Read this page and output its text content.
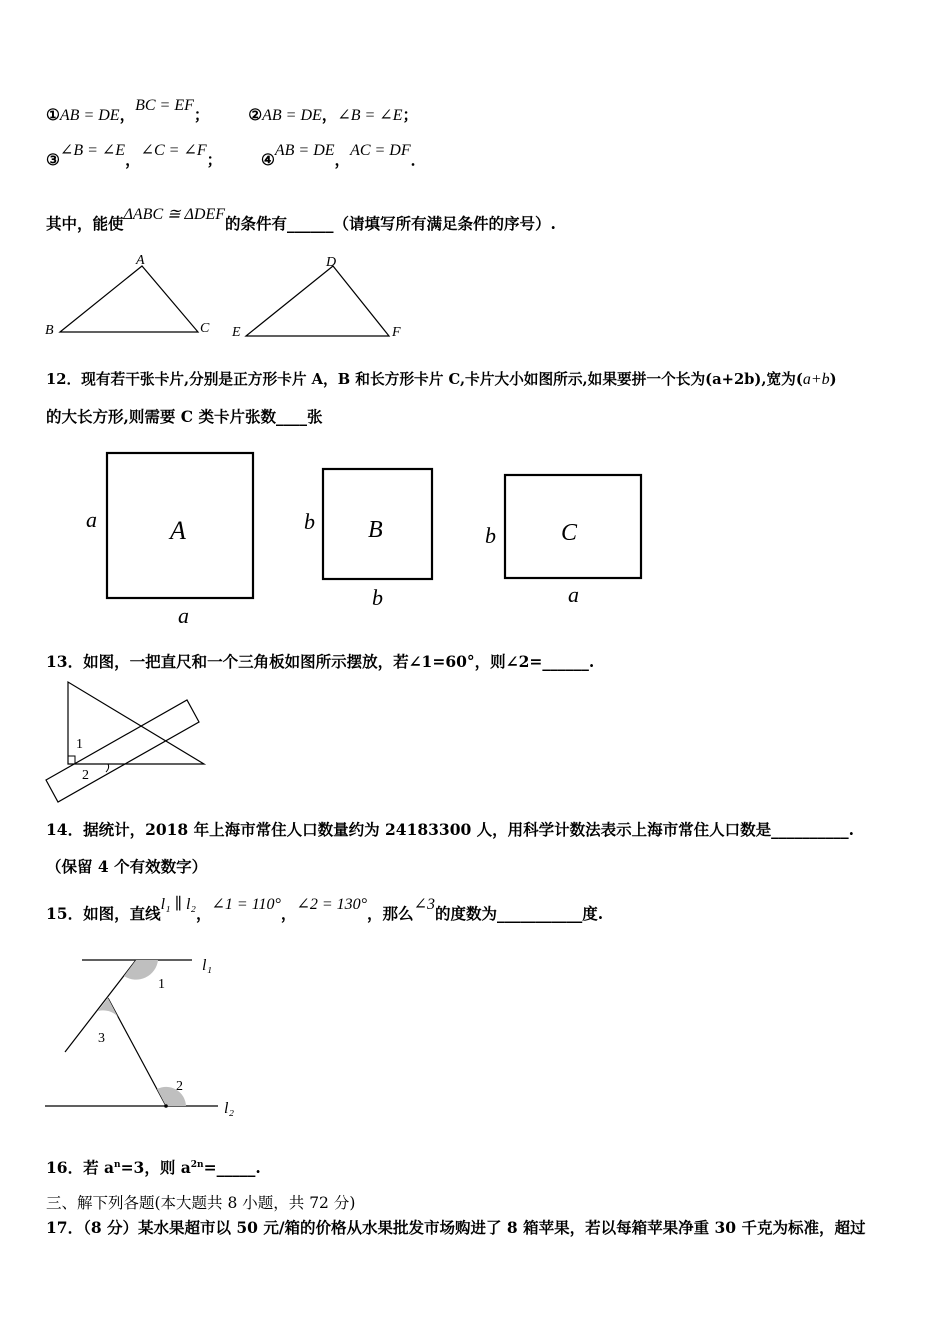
①AB = DE，BC = EF；	②AB = DE，∠B = ∠E；
③∠B = ∠E，∠C = ∠F；	④AB = DE，AC = DF．
其中，能使ΔABC ≅ ΔDEF的条件有______（请填写所有满足条件的序号）.
A
B	C
D
E	F
12．现有若干张卡片,分别是正方形卡片 A，B 和长方形卡片 C,卡片大小如图所示,如果要拼一个长为(a+2b),宽为(a+b)
的大长方形,则需要 C 类卡片张数____张
A
a
a
B
b
b
C
b
a
13．如图，一把直尺和一个三角板如图所示摆放，若∠1=60°，则∠2=______.
1
2
14．据统计，2018 年上海市常住人口数量约为 24183300 人，用科学计数法表示上海市常住人口数是__________.
（保留 4 个有效数字）
15．如图，直线l₁ ∥ l₂，∠1 = 110°，∠2 = 130°，那么∠3的度数为___________度.
l₁
l₂
1
3
2
16．若 $a^n=3$，则 $a^{2n}=\_\_\_\_\_$.
三、解下列各题(本大题共 8 小题，共 72 分)
17．（8 分）某水果超市以 50 元/箱的价格从水果批发市场购进了 8 箱苹果，若以每箱苹果净重 30 千克为标准，超过
